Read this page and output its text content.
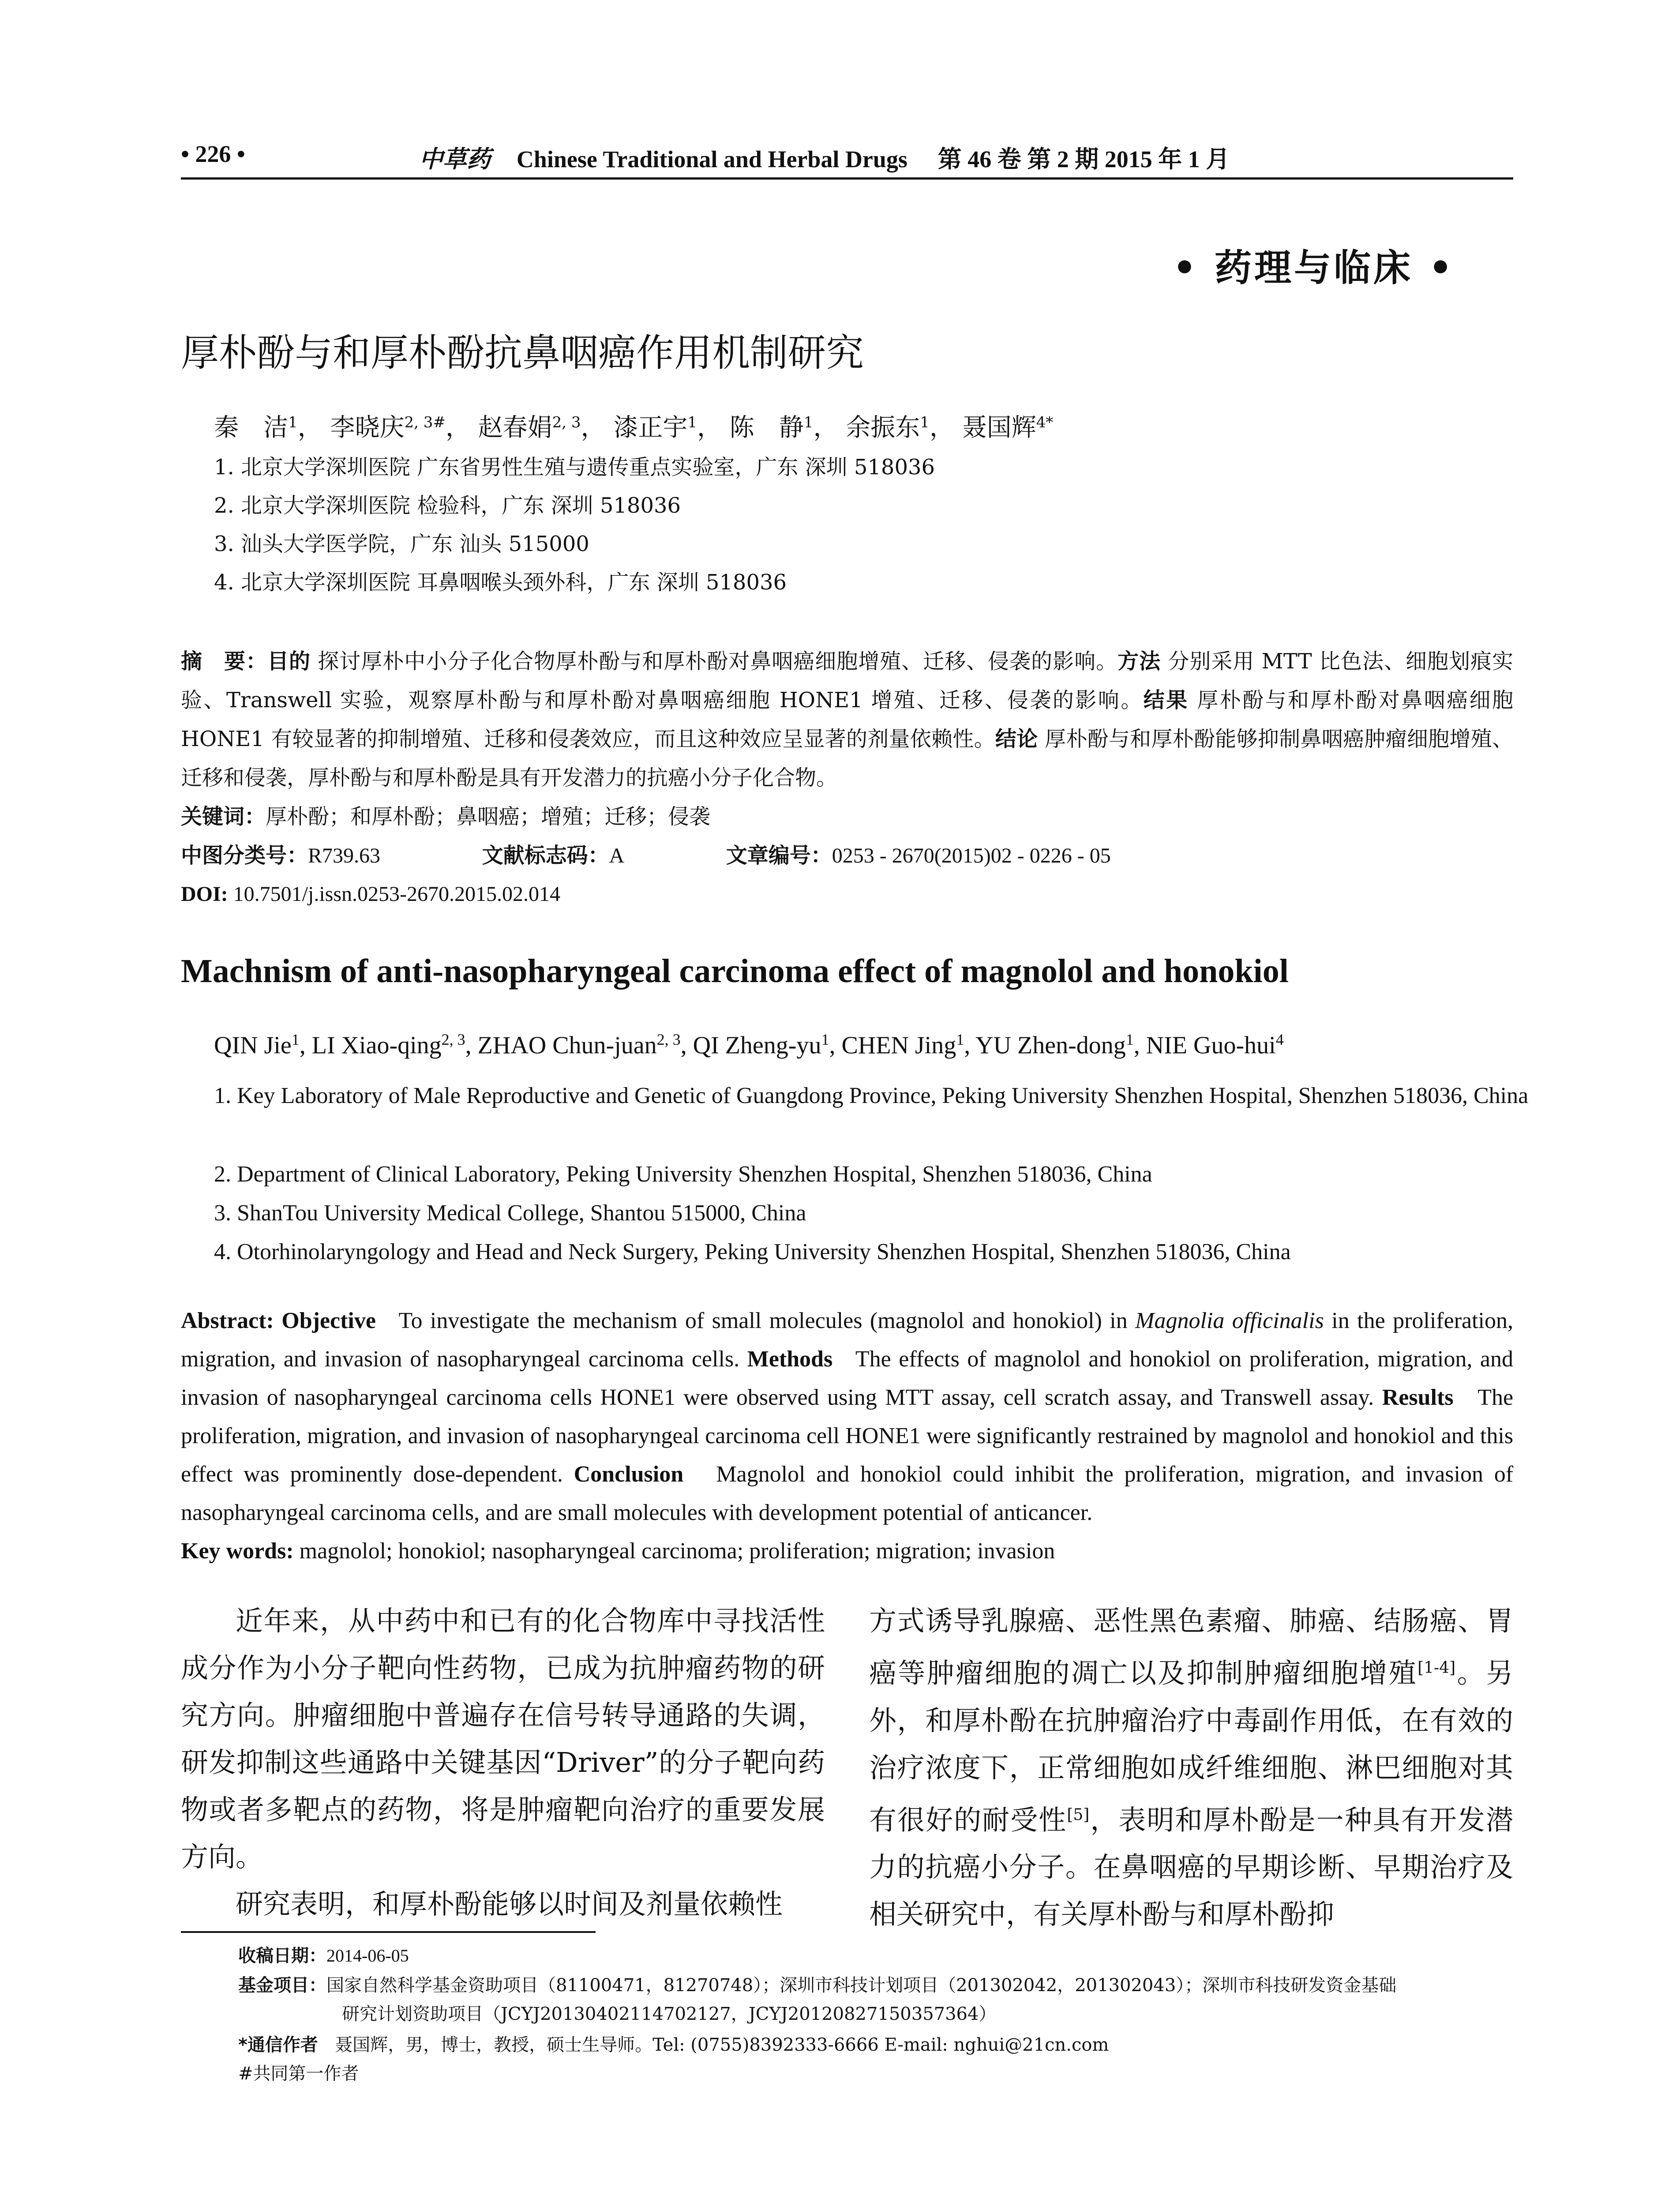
• 226 •	中草药 Chinese Traditional and Herbal Drugs 第 46 卷 第 2 期 2015 年 1 月
• 药理与临床 •
厚朴酚与和厚朴酚抗鼻咽癌作用机制研究
秦　洁$^1$， 李晓庆$^{2, 3\#}$， 赵春娟$^{2, 3}$， 漆正宇$^1$， 陈　静$^1$， 余振东$^1$， 聂国辉$^{4*}$
1. 北京大学深圳医院 广东省男性生殖与遗传重点实验室，广东 深圳 518036
2. 北京大学深圳医院 检验科，广东 深圳 518036
3. 汕头大学医学院，广东 汕头 515000
4. 北京大学深圳医院 耳鼻咽喉头颈外科，广东 深圳 518036
摘　要：目的 探讨厚朴中小分子化合物厚朴酚与和厚朴酚对鼻咽癌细胞增殖、迁移、侵袭的影响。方法 分别采用 MTT 比色法、细胞划痕实验、Transwell 实验，观察厚朴酚与和厚朴酚对鼻咽癌细胞 HONE1 增殖、迁移、侵袭的影响。结果 厚朴酚与和厚朴酚对鼻咽癌细胞 HONE1 有较显著的抑制增殖、迁移和侵袭效应，而且这种效应呈显著的剂量依赖性。结论 厚朴酚与和厚朴酚能够抑制鼻咽癌肿瘤细胞增殖、迁移和侵袭，厚朴酚与和厚朴酚是具有开发潜力的抗癌小分子化合物。
关键词：厚朴酚；和厚朴酚；鼻咽癌；增殖；迁移；侵袭
中图分类号：R739.63	文献标志码：A	文章编号：0253 - 2670(2015)02 - 0226 - 05
DOI: 10.7501/j.issn.0253-2670.2015.02.014
Machnism of anti-nasopharyngeal carcinoma effect of magnolol and honokiol
QIN Jie$^1$, LI Xiao-qing$^{2, 3}$, ZHAO Chun-juan$^{2, 3}$, QI Zheng-$yu^1$, CHEN Jing$^1$, YU Zhen-dong$^1$, NIE Guo-hui$^4$
1. Key Laboratory of Male Reproductive and Genetic of Guangdong Province, Peking University Shenzhen Hospital, Shenzhen 518036, China
2. Department of Clinical Laboratory, Peking University Shenzhen Hospital, Shenzhen 518036, China
3. ShanTou University Medical College, Shantou 515000, China
4. Otorhinolaryngology and Head and Neck Surgery, Peking University Shenzhen Hospital, Shenzhen 518036, China
Abstract: Objective To investigate the mechanism of small molecules (magnolol and honokiol) in Magnolia officinalis in the proliferation, migration, and invasion of nasopharyngeal carcinoma cells. Methods The effects of magnolol and honokiol on proliferation, migration, and invasion of nasopharyngeal carcinoma cells HONE1 were observed using MTT assay, cell scratch assay, and Transwell assay. Results The proliferation, migration, and invasion of nasopharyngeal carcinoma cell HONE1 were significantly restrained by magnolol and honokiol and this effect was prominently dose-dependent. Conclusion Magnolol and honokiol could inhibit the proliferation, migration, and invasion of nasopharyngeal carcinoma cells, and are small molecules with development potential of anticancer.
Key words: magnolol; honokiol; nasopharyngeal carcinoma; proliferation; migration; invasion

近年来，从中药中和已有的化合物库中寻找活性成分作为小分子靶向性药物，已成为抗肿瘤药物的研究方向。肿瘤细胞中普遍存在信号转导通路的失调，研发抑制这些通路中关键基因“Driver”的分子靶向药物或者多靶点的药物，将是肿瘤靶向治疗的重要发展方向。

研究表明，和厚朴酚能够以时间及剂量依赖性

方式诱导乳腺癌、恶性黑色素瘤、肺癌、结肠癌、胃癌等肿瘤细胞的凋亡以及抑制肿瘤细胞增殖[1-4]。另外，和厚朴酚在抗肿瘤治疗中毒副作用低，在有效的治疗浓度下，正常细胞如成纤维细胞、淋巴细胞对其有很好的耐受性[5]，表明和厚朴酚是一种具有开发潜力的抗癌小分子。在鼻咽癌的早期诊断、早期治疗及相关研究中，有关厚朴酚与和厚朴酚抑
收稿日期：2014-06-05
基金项目：国家自然科学基金资助项目（81100471，81270748）；深圳市科技计划项目（201302042，201302043）；深圳市科技研发资金基础
研究计划资助项目（JCYJ20130402114702127，JCYJ20120827150357364）
*通信作者 聂国辉，男，博士，教授，硕士生导师。Tel: (0755)8392333-6666 E-mail: nghui@21cn.com
#共同第一作者
